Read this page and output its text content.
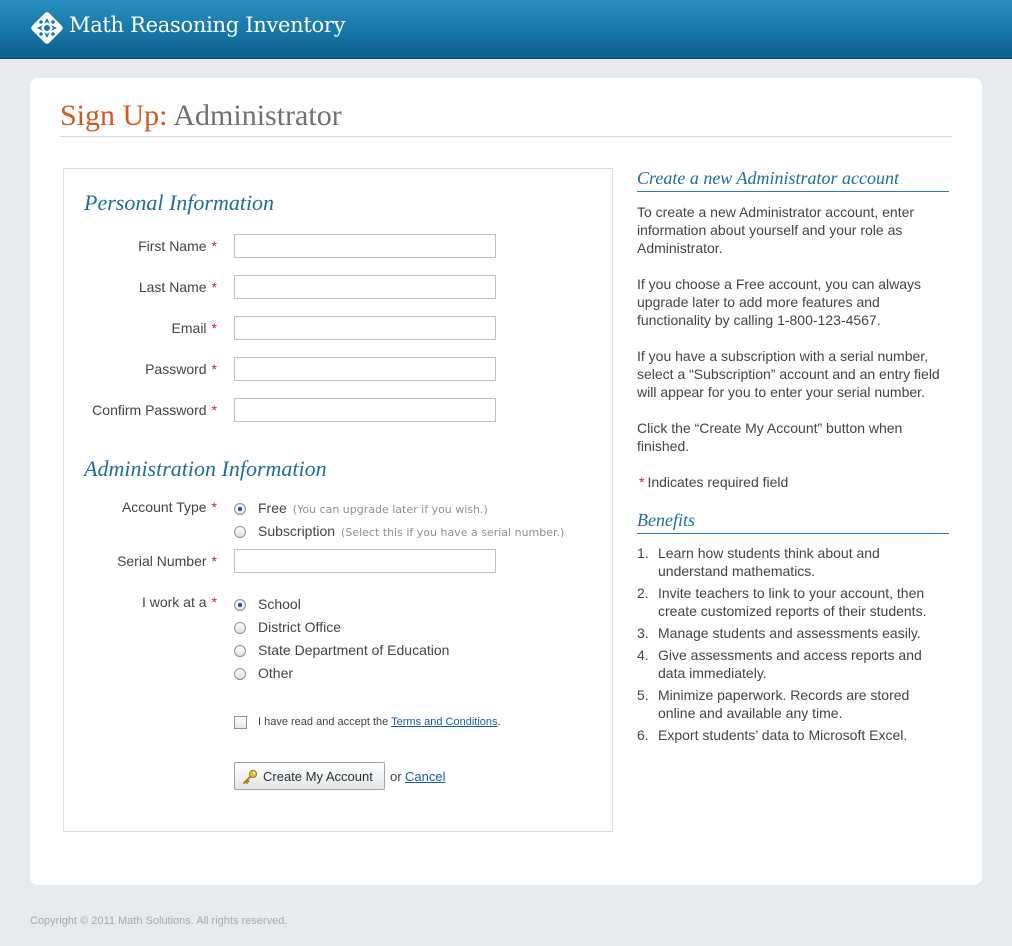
Math Reasoning Inventory
Sign Up: Administrator
Personal Information
First Name *
Last Name *
Email *
Password *
Confirm Password *
Administration Information
Account Type *	Free (You can upgrade later if you wish.)
Subscription (Select this if you have a serial number.)
Serial Number *
I work at a *	School
District Office
State Department of Education
Other
I have read and accept the Terms and Conditions.
Create My Account	or Cancel
Create a new Administrator account

To create a new Administrator account, enter information about yourself and your role as Administrator.

If you choose a Free account, you can always upgrade later to add more features and functionality by calling 1-800-123-4567.

If you have a subscription with a serial number, select a “Subscription” account and an entry field will appear for you to enter your serial number.

Click the “Create My Account” button when finished.

* Indicates required field

Benefits
1. Learn how students think about and understand mathematics.
2. Invite teachers to link to your account, then create customized reports of their students.
3. Manage students and assessments easily.
4. Give assessments and access reports and data immediately.
5. Minimize paperwork. Records are stored online and available any time.
6. Export students’ data to Microsoft Excel.
Copyright © 2011 Math Solutions. All rights reserved.
